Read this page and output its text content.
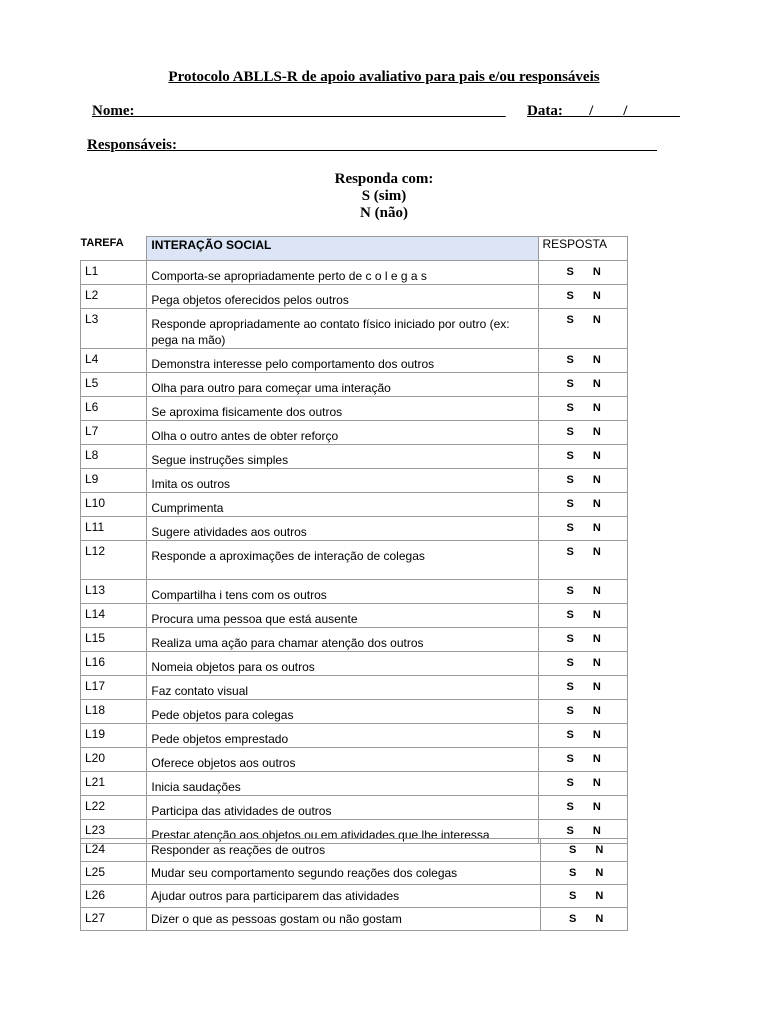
Protocolo ABLLS-R de apoio avaliativo para pais e/ou responsáveis
Nome:	Data: / /
Responsáveis:
Responda com:
S (sim)
N (não)
TAREFA	INTERAÇÃO SOCIAL	RESPOSTA
L1	Comporta-se apropriadamente perto de c o l e g a s	S N
L2	Pega objetos oferecidos pelos outros	S N
L3	Responde apropriadamente ao contato físico iniciado por outro (ex: pega na mão)	S N
L4	Demonstra interesse pelo comportamento dos outros	S N
L5	Olha para outro para começar uma interação	S N
L6	Se aproxima fisicamente dos outros	S N
L7	Olha o outro antes de obter reforço	S N
L8	Segue instruções simples	S N
L9	Imita os outros	S N
L10	Cumprimenta	S N
L11	Sugere atividades aos outros	S N
L12	Responde a aproximações de interação de colegas	S N
L13	Compartilha i tens com os outros	S N
L14	Procura uma pessoa que está ausente	S N
L15	Realiza uma ação para chamar atenção dos outros	S N
L16	Nomeia objetos para os outros	S N
L17	Faz contato visual	S N
L18	Pede objetos para colegas	S N
L19	Pede objetos emprestado	S N
L20	Oferece objetos aos outros	S N
L21	Inicia saudações	S N
L22	Participa das atividades de outros	S N
L23	Prestar atenção aos objetos ou em atividades que lhe interessa	S N
L24	Responder as reações de outros	S N
L25	Mudar seu comportamento segundo reações dos colegas	S N
L26	Ajudar outros para participarem das atividades	S N
L27	Dizer o que as pessoas gostam ou não gostam	S N
